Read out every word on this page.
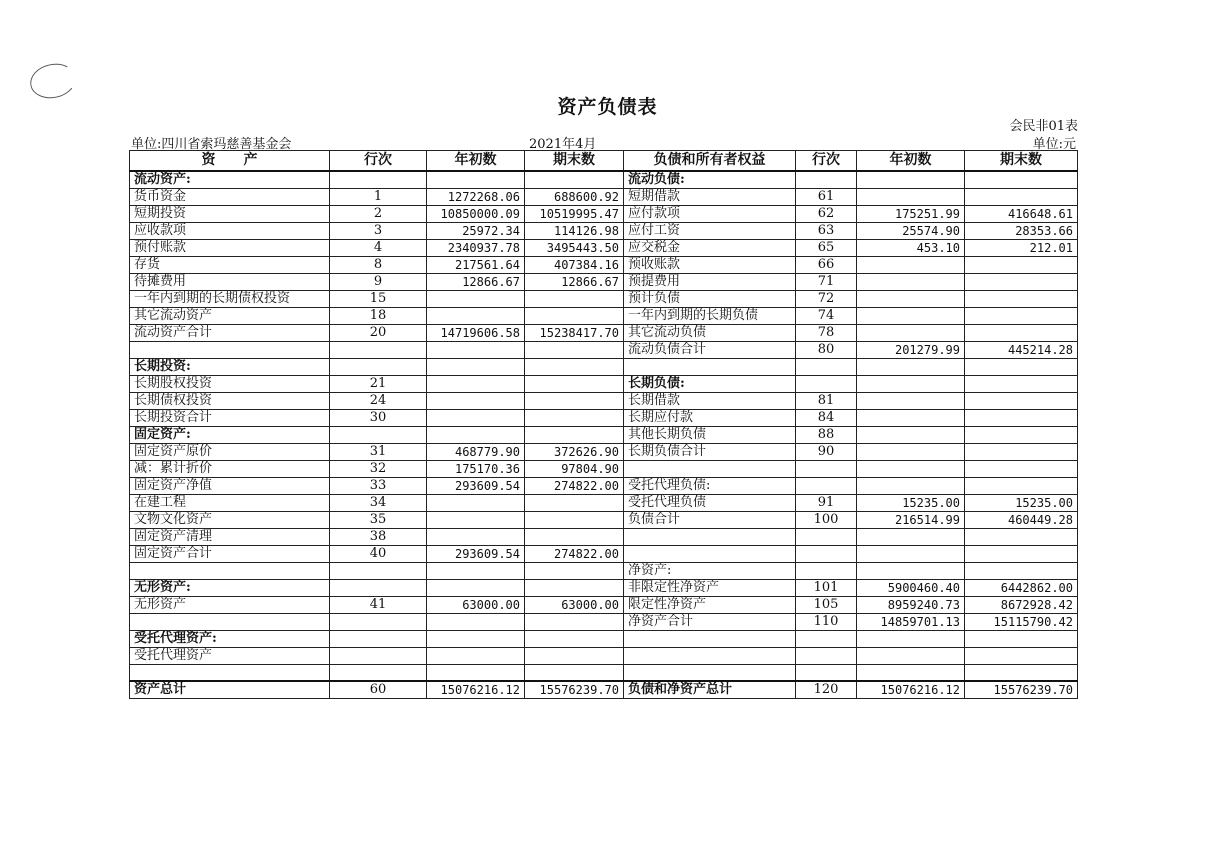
资产负债表
会民非01表
单位:四川省索玛慈善基金会	2021年4月	单位:元
资　　产	行次	年初数	期末数	负债和所有者权益	行次	年初数	期末数
流动资产:				流动负债:			
货币资金	1	1272268.06	688600.92	短期借款	61		
短期投资	2	10850000.09	10519995.47	应付款项	62	175251.99	416648.61
应收款项	3	25972.34	114126.98	应付工资	63	25574.90	28353.66
预付账款	4	2340937.78	3495443.50	应交税金	65	453.10	212.01
存货	8	217561.64	407384.16	预收账款	66		
待摊费用	9	12866.67	12866.67	预提费用	71		
一年内到期的长期债权投资	15			预计负债	72		
其它流动资产	18			一年内到期的长期负债	74		
流动资产合计	20	14719606.58	15238417.70	其它流动负债	78		
				流动负债合计	80	201279.99	445214.28
长期投资:							
长期股权投资	21			长期负债:			
长期债权投资	24			长期借款	81		
长期投资合计	30			长期应付款	84		
固定资产:				其他长期负债	88		
固定资产原价	31	468779.90	372626.90	长期负债合计	90		
减：累计折价	32	175170.36	97804.90				
固定资产净值	33	293609.54	274822.00	受托代理负债:			
在建工程	34			受托代理负债	91	15235.00	15235.00
文物文化资产	35			负债合计	100	216514.99	460449.28
固定资产清理	38						
固定资产合计	40	293609.54	274822.00				
				净资产:			
无形资产:				非限定性净资产	101	5900460.40	6442862.00
无形资产	41	63000.00	63000.00	限定性净资产	105	8959240.73	8672928.42
				净资产合计	110	14859701.13	15115790.42
受托代理资产:							
受托代理资产							

资产总计	60	15076216.12	15576239.70	负债和净资产总计	120	15076216.12	15576239.70
